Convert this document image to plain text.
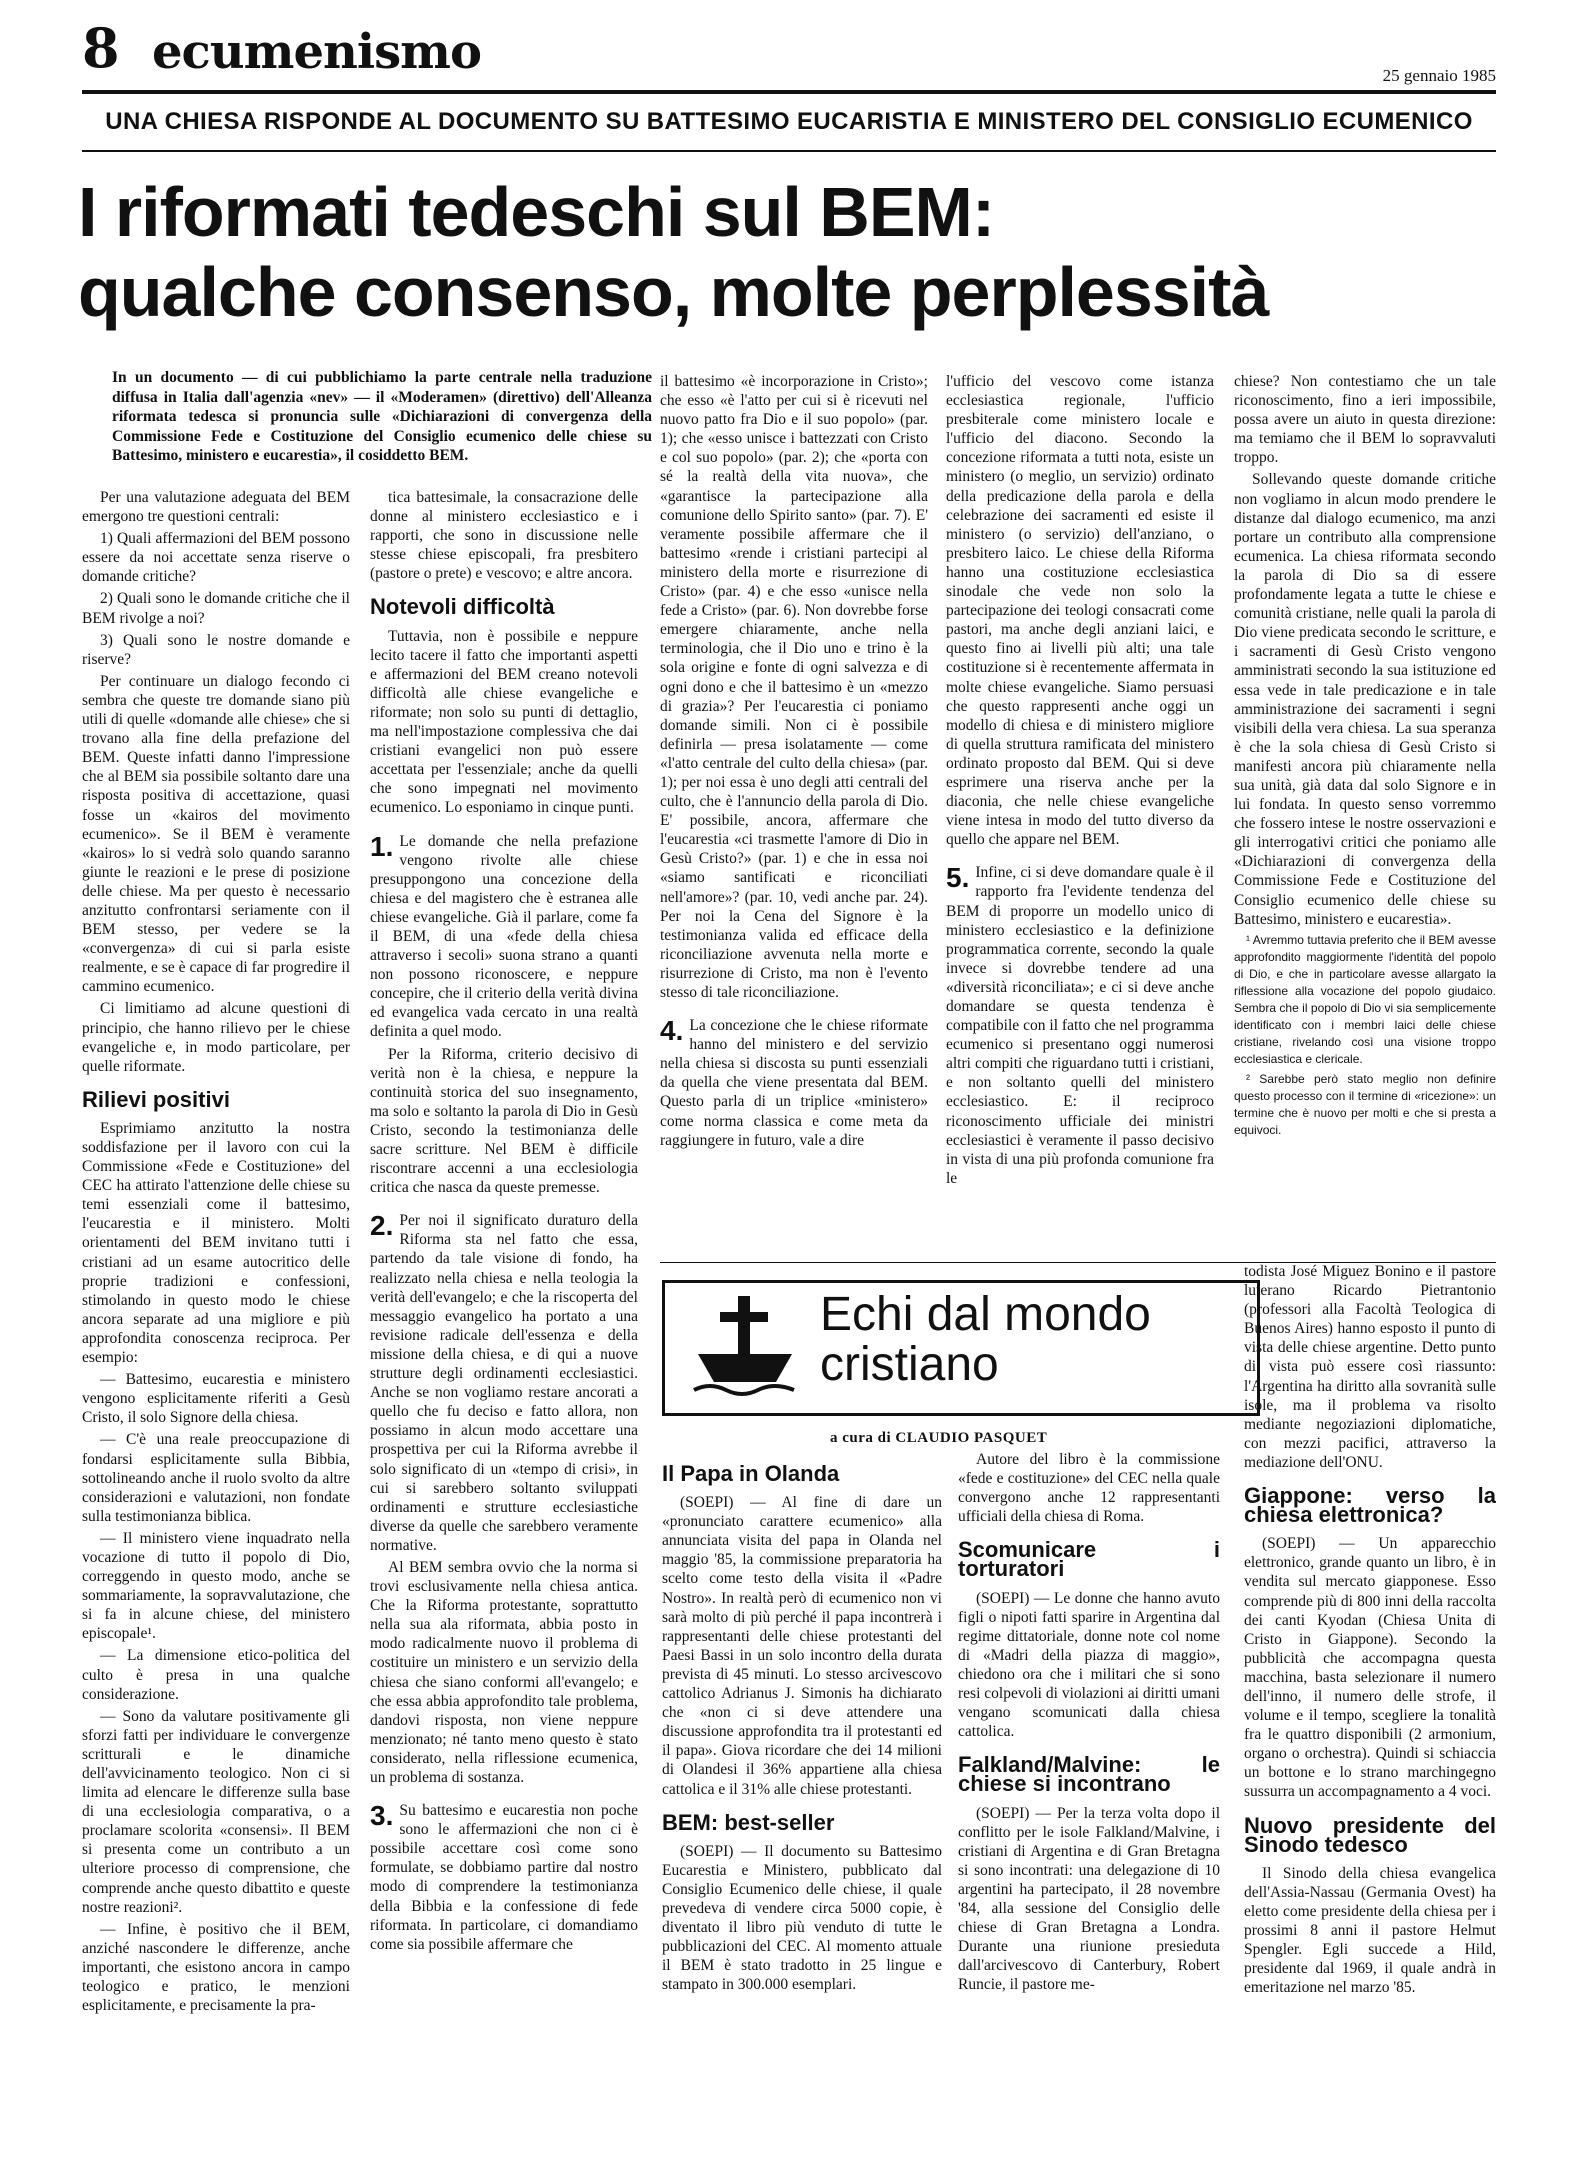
8 ecumenismo	25 gennaio 1985
UNA CHIESA RISPONDE AL DOCUMENTO SU BATTESIMO EUCARISTIA E MINISTERO DEL CONSIGLIO ECUMENICO
I riformati tedeschi sul BEM:
qualche consenso, molte perplessità
In un documento — di cui pubblichiamo la parte centrale nella traduzione diffusa in Italia dall'agenzia «nev» — il «Moderamen» (direttivo) dell'Alleanza riformata tedesca si pronuncia sulle «Dichiarazioni di convergenza della Commissione Fede e Costituzione del Consiglio ecumenico delle chiese su Battesimo, ministero e eucarestia», il cosiddetto BEM.

Per una valutazione adeguata del BEM emergono tre questioni centrali:

1) Quali affermazioni del BEM possono essere da noi accettate senza riserve o domande critiche?

2) Quali sono le domande critiche che il BEM rivolge a noi?

3) Quali sono le nostre domande e riserve?

Per continuare un dialogo fecondo ci sembra che queste tre domande siano più utili di quelle «domande alle chiese» che si trovano alla fine della prefazione del BEM. Queste infatti danno l'impressione che al BEM sia possibile soltanto dare una risposta positiva di accettazione, quasi fosse un «kairos del movimento ecumenico». Se il BEM è veramente «kairos» lo si vedrà solo quando saranno giunte le reazioni e le prese di posizione delle chiese. Ma per questo è necessario anzitutto confrontarsi seriamente con il BEM stesso, per vedere se la «convergenza» di cui si parla esiste realmente, e se è capace di far progredire il cammino ecumenico.

Ci limitiamo ad alcune questioni di principio, che hanno rilievo per le chiese evangeliche e, in modo particolare, per quelle riformate.

Rilievi positivi

Esprimiamo anzitutto la nostra soddisfazione per il lavoro con cui la Commissione «Fede e Costituzione» del CEC ha attirato l'attenzione delle chiese su temi essenziali come il battesimo, l'eucarestia e il ministero. Molti orientamenti del BEM invitano tutti i cristiani ad un esame autocritico delle proprie tradizioni e confessioni, stimolando in questo modo le chiese ancora separate ad una migliore e più approfondita conoscenza reciproca. Per esempio:

— Battesimo, eucarestia e ministero vengono esplicitamente riferiti a Gesù Cristo, il solo Signore della chiesa.

— C'è una reale preoccupazione di fondarsi esplicitamente sulla Bibbia, sottolineando anche il ruolo svolto da altre considerazioni e valutazioni, non fondate sulla testimonianza biblica.

— Il ministero viene inquadrato nella vocazione di tutto il popolo di Dio, correggendo in questo modo, anche se sommariamente, la sopravvalutazione, che si fa in alcune chiese, del ministero episcopale¹.

— La dimensione etico-politica del culto è presa in una qualche considerazione.

— Sono da valutare positivamente gli sforzi fatti per individuare le convergenze scritturali e le dinamiche dell'avvicinamento teologico. Non ci si limita ad elencare le differenze sulla base di una ecclesiologia comparativa, o a proclamare scolorita «consensi». Il BEM si presenta come un contributo a un ulteriore processo di comprensione, che comprende anche questo dibattito e queste nostre reazioni².

— Infine, è positivo che il BEM, anziché nascondere le differenze, anche importanti, che esistono ancora in campo teologico e pratico, le menzioni esplicitamente, e precisamente la pra-

tica battesimale, la consacrazione delle donne al ministero ecclesiastico e i rapporti, che sono in discussione nelle stesse chiese episcopali, fra presbitero (pastore o prete) e vescovo; e altre ancora.

Notevoli difficoltà

Tuttavia, non è possibile e neppure lecito tacere il fatto che importanti aspetti e affermazioni del BEM creano notevoli difficoltà alle chiese evangeliche e riformate; non solo su punti di dettaglio, ma nell'impostazione complessiva che dai cristiani evangelici non può essere accettata per l'essenziale; anche da quelli che sono impegnati nel movimento ecumenico. Lo esponiamo in cinque punti.

1. Le domande che nella prefazione vengono rivolte alle chiese presuppongono una concezione della chiesa e del magistero che è estranea alle chiese evangeliche. Già il parlare, come fa il BEM, di una «fede della chiesa attraverso i secoli» suona strano a quanti non possono riconoscere, e neppure concepire, che il criterio della verità divina ed evangelica vada cercato in una realtà definita a quel modo.

Per la Riforma, criterio decisivo di verità non è la chiesa, e neppure la continuità storica del suo insegnamento, ma solo e soltanto la parola di Dio in Gesù Cristo, secondo la testimonianza delle sacre scritture. Nel BEM è difficile riscontrare accenni a una ecclesiologia critica che nasca da queste premesse.

2. Per noi il significato duraturo della Riforma sta nel fatto che essa, partendo da tale visione di fondo, ha realizzato nella chiesa e nella teologia la verità dell'evangelo; e che la riscoperta del messaggio evangelico ha portato a una revisione radicale dell'essenza e della missione della chiesa, e di qui a nuove strutture degli ordinamenti ecclesiastici. Anche se non vogliamo restare ancorati a quello che fu deciso e fatto allora, non possiamo in alcun modo accettare una prospettiva per cui la Riforma avrebbe il solo significato di un «tempo di crisi», in cui si sarebbero soltanto sviluppati ordinamenti e strutture ecclesiastiche diverse da quelle che sarebbero veramente normative.

Al BEM sembra ovvio che la norma si trovi esclusivamente nella chiesa antica. Che la Riforma protestante, soprattutto nella sua ala riformata, abbia posto in modo radicalmente nuovo il problema di costituire un ministero e un servizio della chiesa che siano conformi all'evangelo; e che essa abbia approfondito tale problema, dandovi risposta, non viene neppure menzionato; né tanto meno questo è stato considerato, nella riflessione ecumenica, un problema di sostanza.

3. Su battesimo e eucarestia non poche sono le affermazioni che non ci è possibile accettare così come sono formulate, se dobbiamo partire dal nostro modo di comprendere la testimonianza della Bibbia e la confessione di fede riformata. In particolare, ci domandiamo come sia possibile affermare che

il battesimo «è incorporazione in Cristo»; che esso «è l'atto per cui si è ricevuti nel nuovo patto fra Dio e il suo popolo» (par. 1); che «esso unisce i battezzati con Cristo e col suo popolo» (par. 2); che «porta con sé la realtà della vita nuova», che «garantisce la partecipazione alla comunione dello Spirito santo» (par. 7). E' veramente possibile affermare che il battesimo «rende i cristiani partecipi al ministero della morte e risurrezione di Cristo» (par. 4) e che esso «unisce nella fede a Cristo» (par. 6). Non dovrebbe forse emergere chiaramente, anche nella terminologia, che il Dio uno e trino è la sola origine e fonte di ogni salvezza e di ogni dono e che il battesimo è un «mezzo di grazia»? Per l'eucarestia ci poniamo domande simili. Non ci è possibile definirla — presa isolatamente — come «l'atto centrale del culto della chiesa» (par. 1); per noi essa è uno degli atti centrali del culto, che è l'annuncio della parola di Dio. E' possibile, ancora, affermare che l'eucarestia «ci trasmette l'amore di Dio in Gesù Cristo?» (par. 1) e che in essa noi «siamo santificati e riconciliati nell'amore»? (par. 10, vedi anche par. 24). Per noi la Cena del Signore è la testimonianza valida ed efficace della riconciliazione avvenuta nella morte e risurrezione di Cristo, ma non è l'evento stesso di tale riconciliazione.

4. La concezione che le chiese riformate hanno del ministero e del servizio nella chiesa si discosta su punti essenziali da quella che viene presentata dal BEM. Questo parla di un triplice «ministero» come norma classica e come meta da raggiungere in futuro, vale a dire

l'ufficio del vescovo come istanza ecclesiastica regionale, l'ufficio presbiterale come ministero locale e l'ufficio del diacono. Secondo la concezione riformata a tutti nota, esiste un ministero (o meglio, un servizio) ordinato della predicazione della parola e della celebrazione dei sacramenti ed esiste il ministero (o servizio) dell'anziano, o presbitero laico. Le chiese della Riforma hanno una costituzione ecclesiastica sinodale che vede non solo la partecipazione dei teologi consacrati come pastori, ma anche degli anziani laici, e questo fino ai livelli più alti; una tale costituzione si è recentemente affermata in molte chiese evangeliche. Siamo persuasi che questo rappresenti anche oggi un modello di chiesa e di ministero migliore di quella struttura ramificata del ministero ordinato proposto dal BEM. Qui si deve esprimere una riserva anche per la diaconia, che nelle chiese evangeliche viene intesa in modo del tutto diverso da quello che appare nel BEM.

5. Infine, ci si deve domandare quale è il rapporto fra l'evidente tendenza del BEM di proporre un modello unico di ministero ecclesiastico e la definizione programmatica corrente, secondo la quale invece si dovrebbe tendere ad una «diversità riconciliata»; e ci si deve anche domandare se questa tendenza è compatibile con il fatto che nel programma ecumenico si presentano oggi numerosi altri compiti che riguardano tutti i cristiani, e non soltanto quelli del ministero ecclesiastico. E: il reciproco riconoscimento ufficiale dei ministri ecclesiastici è veramente il passo decisivo in vista di una più profonda comunione fra le

chiese? Non contestiamo che un tale riconoscimento, fino a ieri impossibile, possa avere un aiuto in questa direzione: ma temiamo che il BEM lo sopravvaluti troppo.

Sollevando queste domande critiche non vogliamo in alcun modo prendere le distanze dal dialogo ecumenico, ma anzi portare un contributo alla comprensione ecumenica. La chiesa riformata secondo la parola di Dio sa di essere profondamente legata a tutte le chiese e comunità cristiane, nelle quali la parola di Dio viene predicata secondo le scritture, e i sacramenti di Gesù Cristo vengono amministrati secondo la sua istituzione ed essa vede in tale predicazione e in tale amministrazione dei sacramenti i segni visibili della vera chiesa. La sua speranza è che la sola chiesa di Gesù Cristo si manifesti ancora più chiaramente nella sua unità, già data dal solo Signore e in lui fondata. In questo senso vorremmo che fossero intese le nostre osservazioni e gli interrogativi critici che poniamo alle «Dichiarazioni di convergenza della Commissione Fede e Costituzione del Consiglio ecumenico delle chiese su Battesimo, ministero e eucarestia».

¹ Avremmo tuttavia preferito che il BEM avesse approfondito maggiormente l'identità del popolo di Dio, e che in particolare avesse allargato la riflessione alla vocazione del popolo giudaico. Sembra che il popolo di Dio vi sia semplicemente identificato con i membri laici delle chiese cristiane, rivelando così una visione troppo ecclesiastica e clericale.

² Sarebbe però stato meglio non definire questo processo con il termine di «ricezione»: un termine che è nuovo per molti e che si presta a equivoci.

Echi dal mondo
cristiano
a cura di CLAUDIO PASQUET
Il Papa in Olanda

(SOEPI) — Al fine di dare un «pronunciato carattere ecumenico» alla annunciata visita del papa in Olanda nel maggio '85, la commissione preparatoria ha scelto come testo della visita il «Padre Nostro». In realtà però di ecumenico non vi sarà molto di più perché il papa incontrerà i rappresentanti delle chiese protestanti del Paesi Bassi in un solo incontro della durata prevista di 45 minuti. Lo stesso arcivescovo cattolico Adrianus J. Simonis ha dichiarato che «non ci si deve attendere una discussione approfondita tra il protestanti ed il papa». Giova ricordare che dei 14 milioni di Olandesi il 36% appartiene alla chiesa cattolica e il 31% alle chiese protestanti.

BEM: best-seller

(SOEPI) — Il documento su Battesimo Eucarestia e Ministero, pubblicato dal Consiglio Ecumenico delle chiese, il quale prevedeva di vendere circa 5000 copie, è diventato il libro più venduto di tutte le pubblicazioni del CEC. Al momento attuale il BEM è stato tradotto in 25 lingue e stampato in 300.000 esemplari.

Autore del libro è la commissione «fede e costituzione» del CEC nella quale convergono anche 12 rappresentanti ufficiali della chiesa di Roma.

Scomunicare i torturatori

(SOEPI) — Le donne che hanno avuto figli o nipoti fatti sparire in Argentina dal regime dittatoriale, donne note col nome di «Madri della piazza di maggio», chiedono ora che i militari che si sono resi colpevoli di violazioni ai diritti umani vengano scomunicati dalla chiesa cattolica.

Falkland/Malvine: le chiese si incontrano

(SOEPI) — Per la terza volta dopo il conflitto per le isole Falkland/Malvine, i cristiani di Argentina e di Gran Bretagna si sono incontrati: una delegazione di 10 argentini ha partecipato, il 28 novembre '84, alla sessione del Consiglio delle chiese di Gran Bretagna a Londra. Durante una riunione presieduta dall'arcivescovo di Canterbury, Robert Runcie, il pastore me-

todista José Miguez Bonino e il pastore luterano Ricardo Pietrantonio (professori alla Facoltà Teologica di Buenos Aires) hanno esposto il punto di vista delle chiese argentine. Detto punto di vista può essere così riassunto: l'Argentina ha diritto alla sovranità sulle isole, ma il problema va risolto mediante negoziazioni diplomatiche, con mezzi pacifici, attraverso la mediazione dell'ONU.

Giappone: verso la chiesa elettronica?

(SOEPI) — Un apparecchio elettronico, grande quanto un libro, è in vendita sul mercato giapponese. Esso comprende più di 800 inni della raccolta dei canti Kyodan (Chiesa Unita di Cristo in Giappone). Secondo la pubblicità che accompagna questa macchina, basta selezionare il numero dell'inno, il numero delle strofe, il volume e il tempo, scegliere la tonalità fra le quattro disponibili (2 armonium, organo o orchestra). Quindi si schiaccia un bottone e lo strano marchingegno sussurra un accompagnamento a 4 voci.

Nuovo presidente del Sinodo tedesco

Il Sinodo della chiesa evangelica dell'Assia-Nassau (Germania Ovest) ha eletto come presidente della chiesa per i prossimi 8 anni il pastore Helmut Spengler. Egli succede a Hild, presidente dal 1969, il quale andrà in emeritazione nel marzo '85.
